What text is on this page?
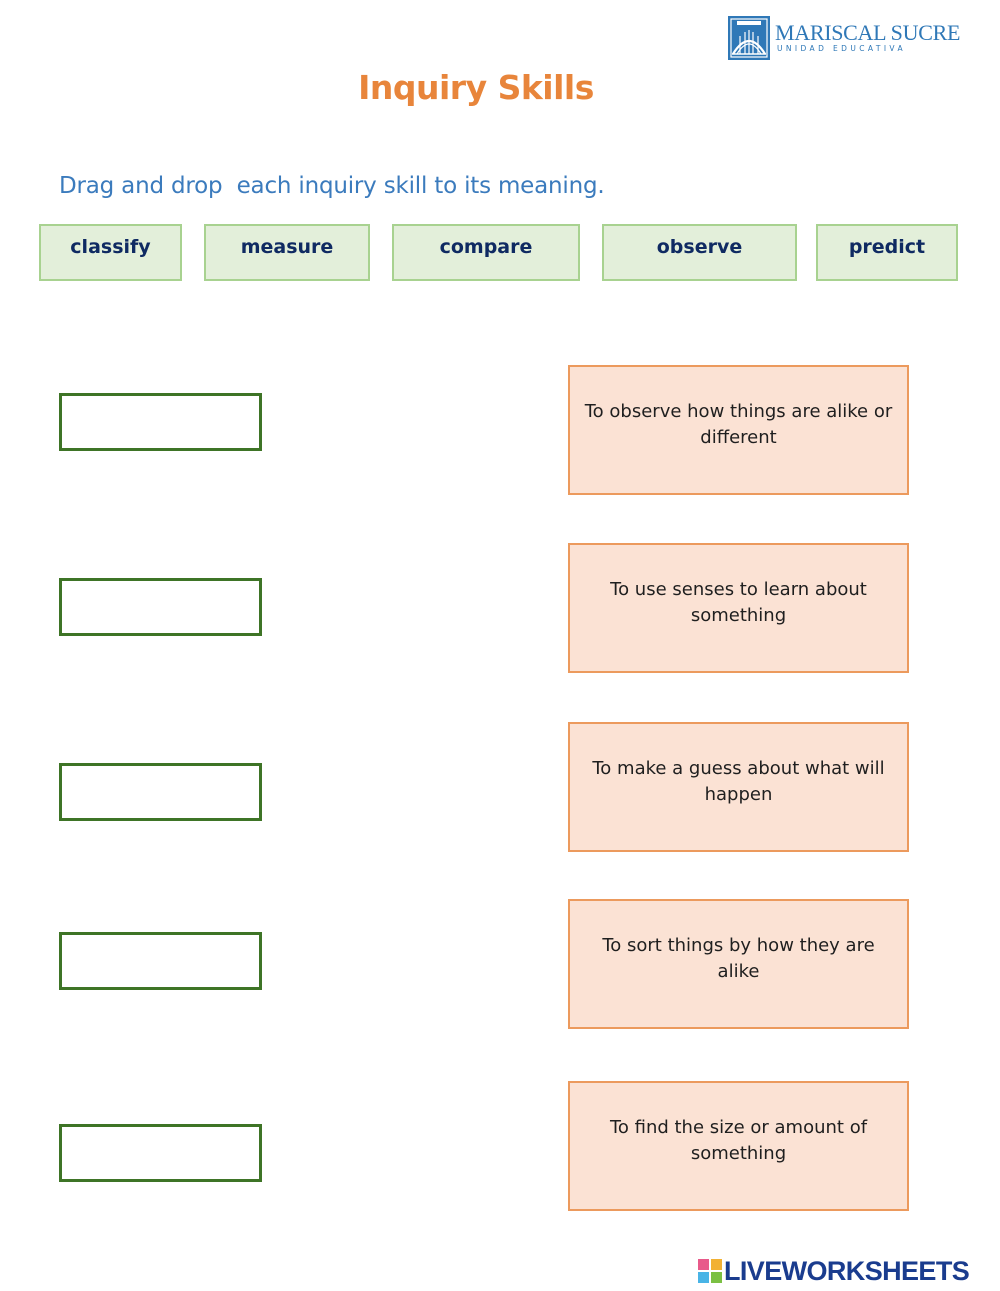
MARISCAL SUCRE
UNIDAD EDUCATIVA
Inquiry Skills
Drag and drop  each inquiry skill to its meaning.
classify	measure	compare	observe	predict
To observe how things are alike or different
To use senses to learn about something
To make a guess about what will happen
To sort things by how they are alike
To find the size or amount of something
LIVEWORKSHEETS
